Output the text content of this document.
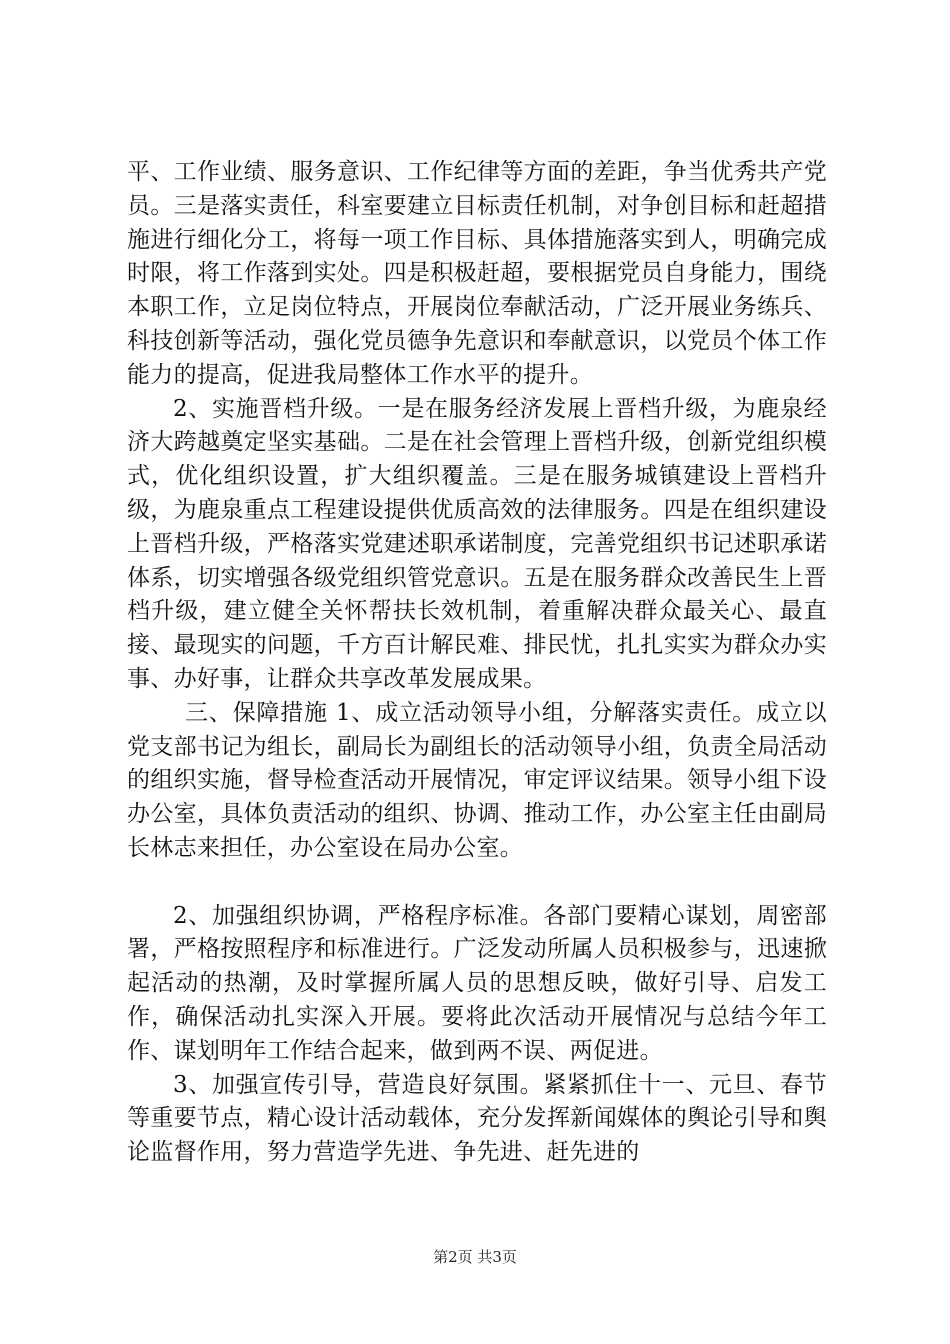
平、工作业绩、服务意识、工作纪律等方面的差距，争当优秀共产党员。三是落实责任，科室要建立目标责任机制，对争创目标和赶超措施进行细化分工，将每一项工作目标、具体措施落实到人，明确完成时限，将工作落到实处。四是积极赶超，要根据党员自身能力，围绕本职工作，立足岗位特点，开展岗位奉献活动，广泛开展业务练兵、科技创新等活动，强化党员德争先意识和奉献意识，以党员个体工作能力的提高，促进我局整体工作水平的提升。

2、实施晋档升级。一是在服务经济发展上晋档升级，为鹿泉经济大跨越奠定坚实基础。二是在社会管理上晋档升级，创新党组织模式，优化组织设置，扩大组织覆盖。三是在服务城镇建设上晋档升级，为鹿泉重点工程建设提供优质高效的法律服务。四是在组织建设上晋档升级，严格落实党建述职承诺制度，完善党组织书记述职承诺体系，切实增强各级党组织管党意识。五是在服务群众改善民生上晋档升级，建立健全关怀帮扶长效机制，着重解决群众最关心、最直接、最现实的问题，千方百计解民难、排民忧，扎扎实实为群众办实事、办好事，让群众共享改革发展成果。

三、保障措施 1、成立活动领导小组，分解落实责任。成立以党支部书记为组长，副局长为副组长的活动领导小组，负责全局活动的组织实施，督导检查活动开展情况，审定评议结果。领导小组下设办公室，具体负责活动的组织、协调、推动工作，办公室主任由副局长林志来担任，办公室设在局办公室。

2、加强组织协调，严格程序标准。各部门要精心谋划，周密部署，严格按照程序和标准进行。广泛发动所属人员积极参与，迅速掀起活动的热潮，及时掌握所属人员的思想反映，做好引导、启发工作，确保活动扎实深入开展。要将此次活动开展情况与总结今年工作、谋划明年工作结合起来，做到两不误、两促进。

3、加强宣传引导，营造良好氛围。紧紧抓住十一、元旦、春节等重要节点，精心设计活动载体，充分发挥新闻媒体的舆论引导和舆论监督作用，努力营造学先进、争先进、赶先进的

第2页 共3页
